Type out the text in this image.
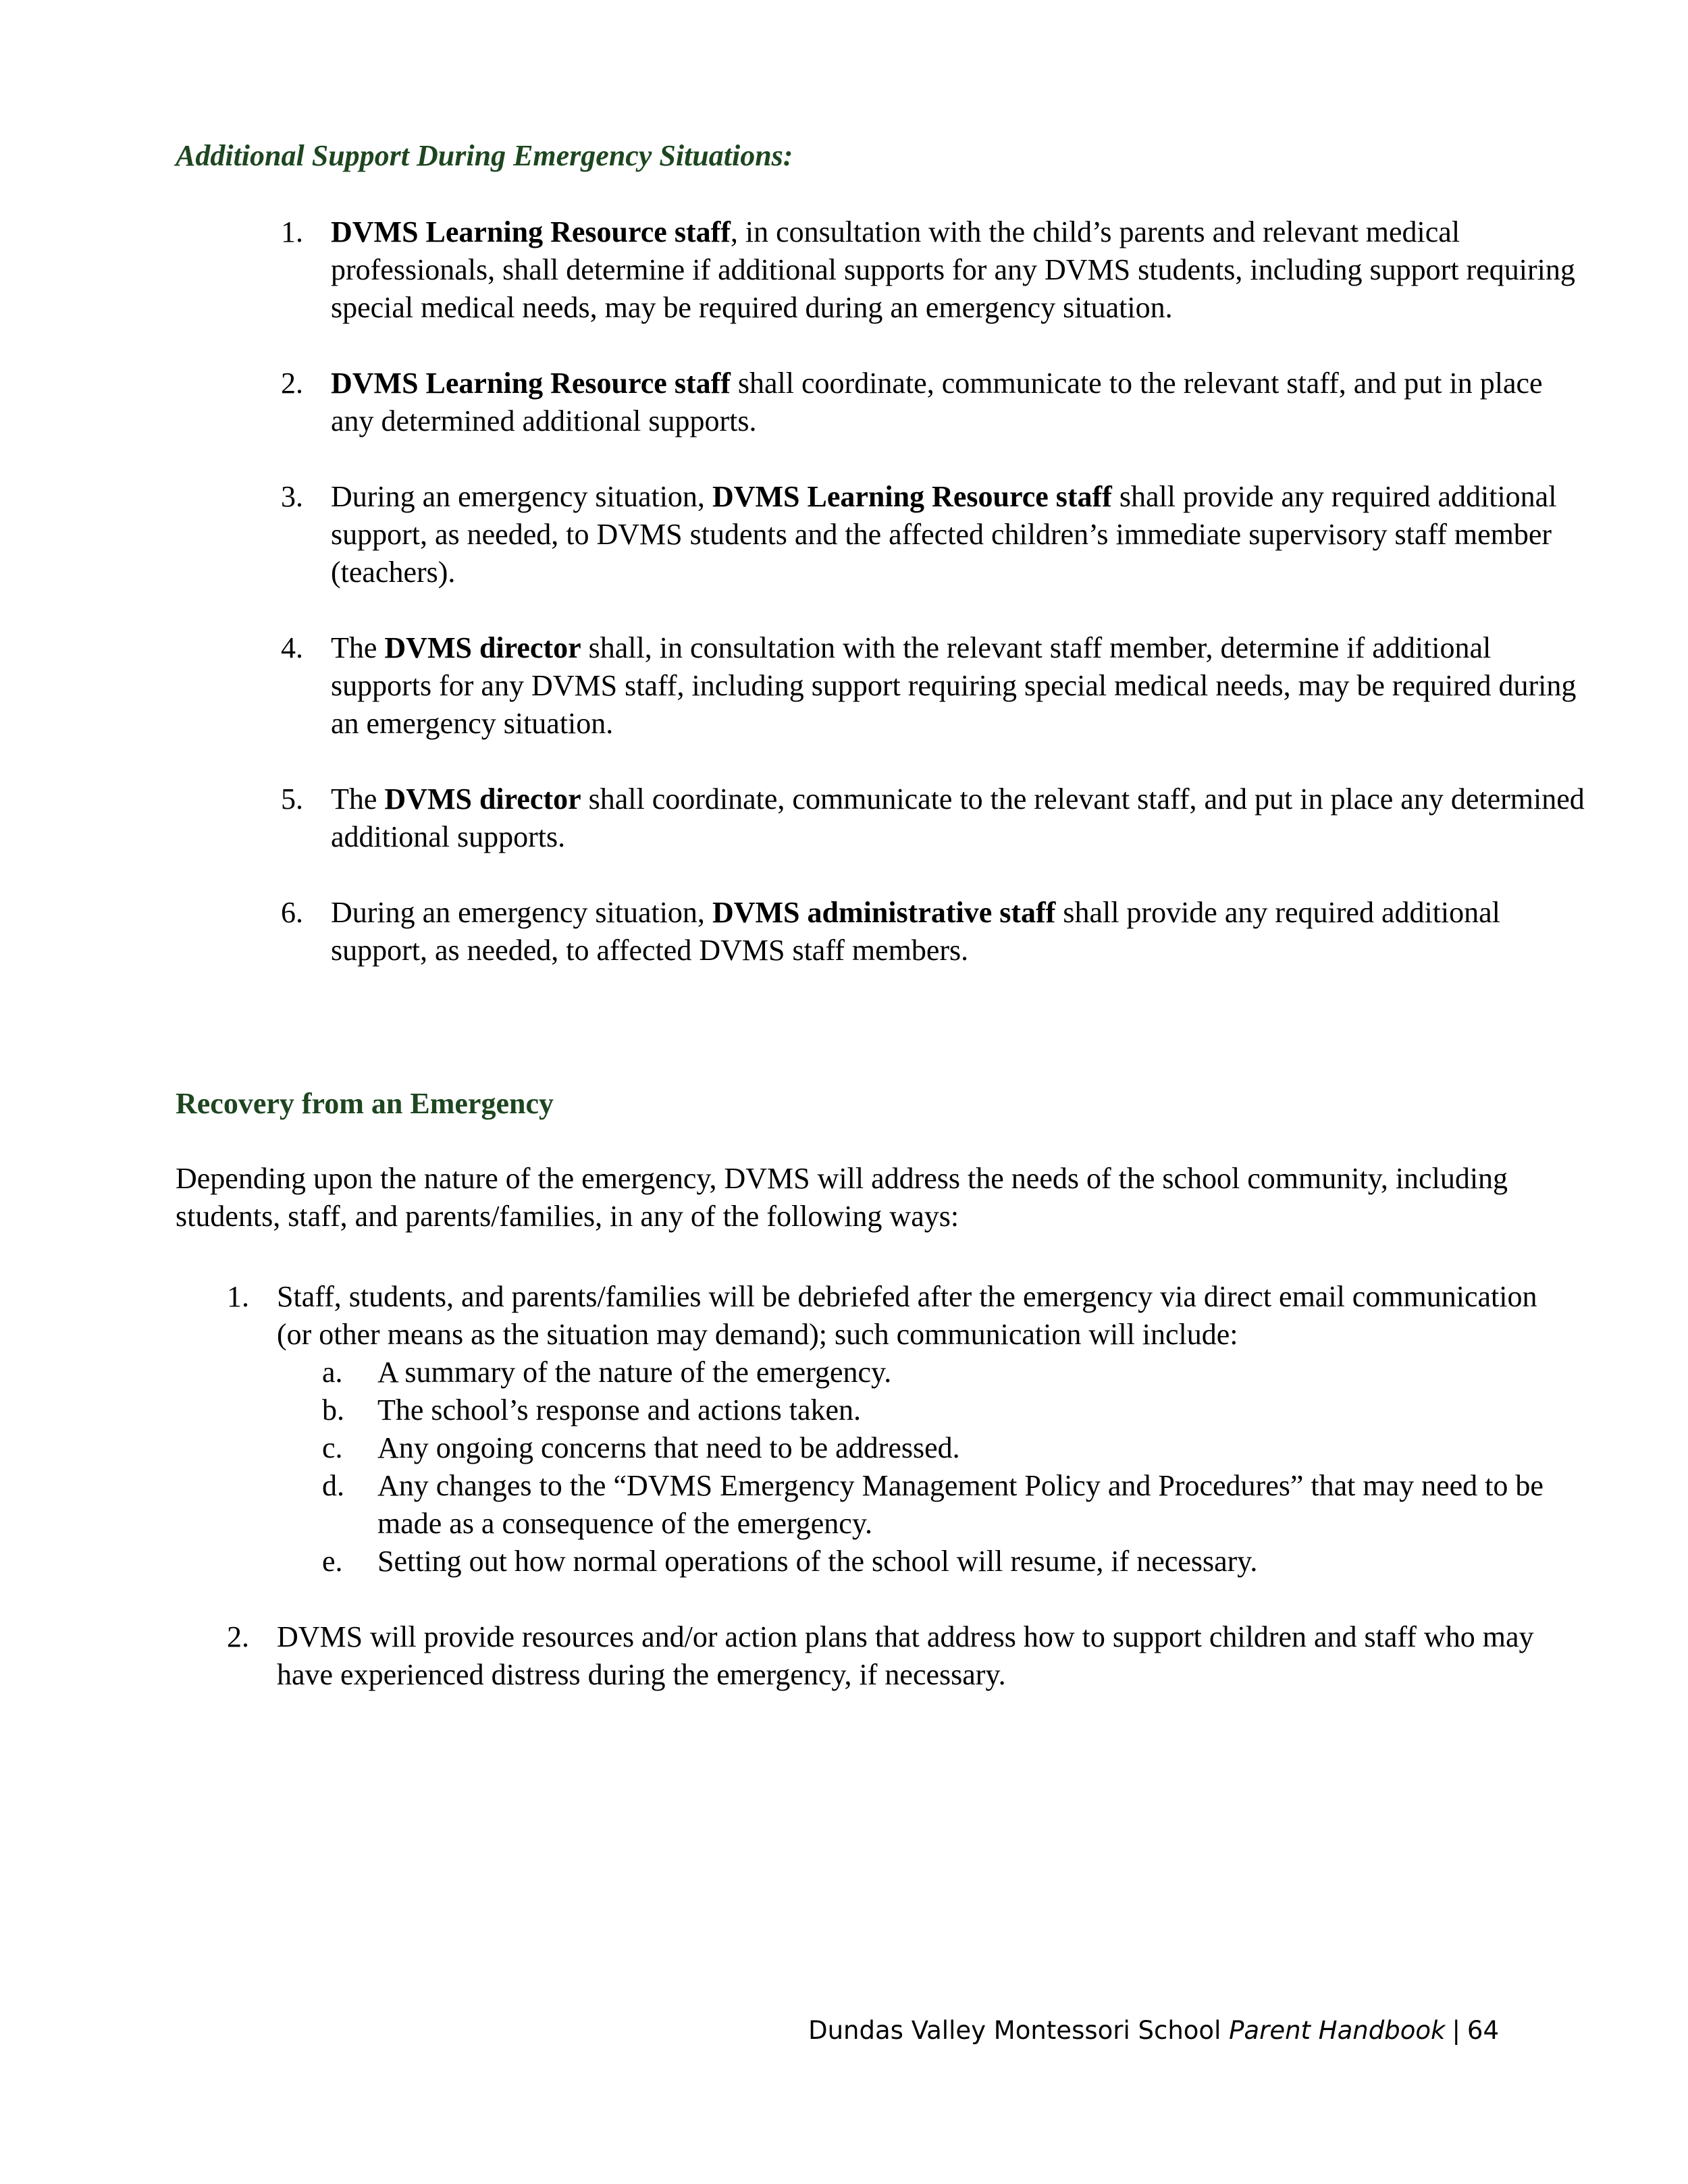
Additional Support During Emergency Situations:
1. DVMS Learning Resource staff, in consultation with the child’s parents and relevant medical professionals, shall determine if additional supports for any DVMS students, including support requiring special medical needs, may be required during an emergency situation.
2. DVMS Learning Resource staff shall coordinate, communicate to the relevant staff, and put in place any determined additional supports.
3. During an emergency situation, DVMS Learning Resource staff shall provide any required additional support, as needed, to DVMS students and the affected children’s immediate supervisory staff member (teachers).
4. The DVMS director shall, in consultation with the relevant staff member, determine if additional supports for any DVMS staff, including support requiring special medical needs, may be required during an emergency situation.
5. The DVMS director shall coordinate, communicate to the relevant staff, and put in place any determined additional supports.
6. During an emergency situation, DVMS administrative staff shall provide any required additional support, as needed, to affected DVMS staff members.
Recovery from an Emergency

Depending upon the nature of the emergency, DVMS will address the needs of the school community, including students, staff, and parents/families, in any of the following ways:

1. Staff, students, and parents/families will be debriefed after the emergency via direct email communication (or other means as the situation may demand); such communication will include:
a. A summary of the nature of the emergency.
b. The school’s response and actions taken.
c. Any ongoing concerns that need to be addressed.
d. Any changes to the “DVMS Emergency Management Policy and Procedures” that may need to be made as a consequence of the emergency.
e. Setting out how normal operations of the school will resume, if necessary.
2. DVMS will provide resources and/or action plans that address how to support children and staff who may have experienced distress during the emergency, if necessary.
Dundas Valley Montessori School Parent Handbook | 64
